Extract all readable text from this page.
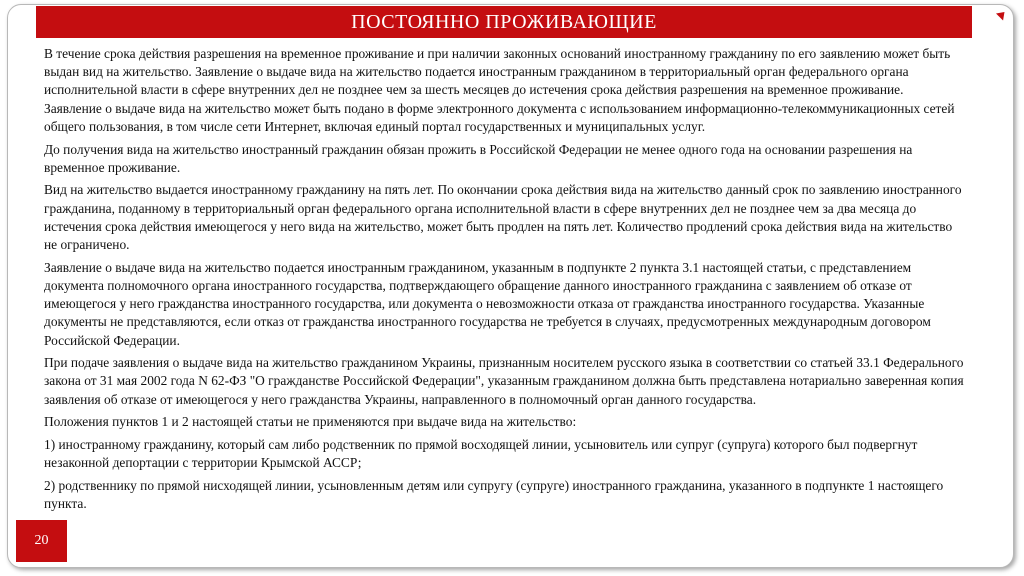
ПОСТОЯННО ПРОЖИВАЮЩИЕ

В течение срока действия разрешения на временное проживание и при наличии законных оснований иностранному гражданину по его заявлению может быть выдан вид на жительство. Заявление о выдаче вида на жительство подается иностранным гражданином в территориальный орган федерального органа исполнительной власти в сфере внутренних дел не позднее чем за шесть месяцев до истечения срока действия разрешения на временное проживание. Заявление о выдаче вида на жительство может быть подано в форме электронного документа с использованием информационно-телекоммуникационных сетей общего пользования, в том числе сети Интернет, включая единый портал государственных и муниципальных услуг.

До получения вида на жительство иностранный гражданин обязан прожить в Российской Федерации не менее одного года на основании разрешения на временное проживание.

Вид на жительство выдается иностранному гражданину на пять лет. По окончании срока действия вида на жительство данный срок по заявлению иностранного гражданина, поданному в территориальный орган федерального органа исполнительной власти в сфере внутренних дел не позднее чем за два месяца до истечения срока действия имеющегося у него вида на жительство, может быть продлен на пять лет. Количество продлений срока действия вида на жительство не ограничено.

Заявление о выдаче вида на жительство подается иностранным гражданином, указанным в подпункте 2 пункта 3.1 настоящей статьи, с представлением документа полномочного органа иностранного государства, подтверждающего обращение данного иностранного гражданина с заявлением об отказе от имеющегося у него гражданства иностранного государства, или документа о невозможности отказа от гражданства иностранного государства. Указанные документы не представляются, если отказ от гражданства иностранного государства не требуется в случаях, предусмотренных международным договором Российской Федерации.

При подаче заявления о выдаче вида на жительство гражданином Украины, признанным носителем русского языка в соответствии со статьей 33.1 Федерального закона от 31 мая 2002 года N 62-ФЗ "О гражданстве Российской Федерации", указанным гражданином должна быть представлена нотариально заверенная копия заявления об отказе от имеющегося у него гражданства Украины, направленного в полномочный орган данного государства.

Положения пунктов 1 и 2 настоящей статьи не применяются при выдаче вида на жительство:

1) иностранному гражданину, который сам либо родственник по прямой восходящей линии, усыновитель или супруг (супруга) которого был подвергнут незаконной депортации с территории Крымской АССР;

2) родственнику по прямой нисходящей линии, усыновленным детям или супругу (супруге) иностранного гражданина, указанного в подпункте 1 настоящего пункта.

20
